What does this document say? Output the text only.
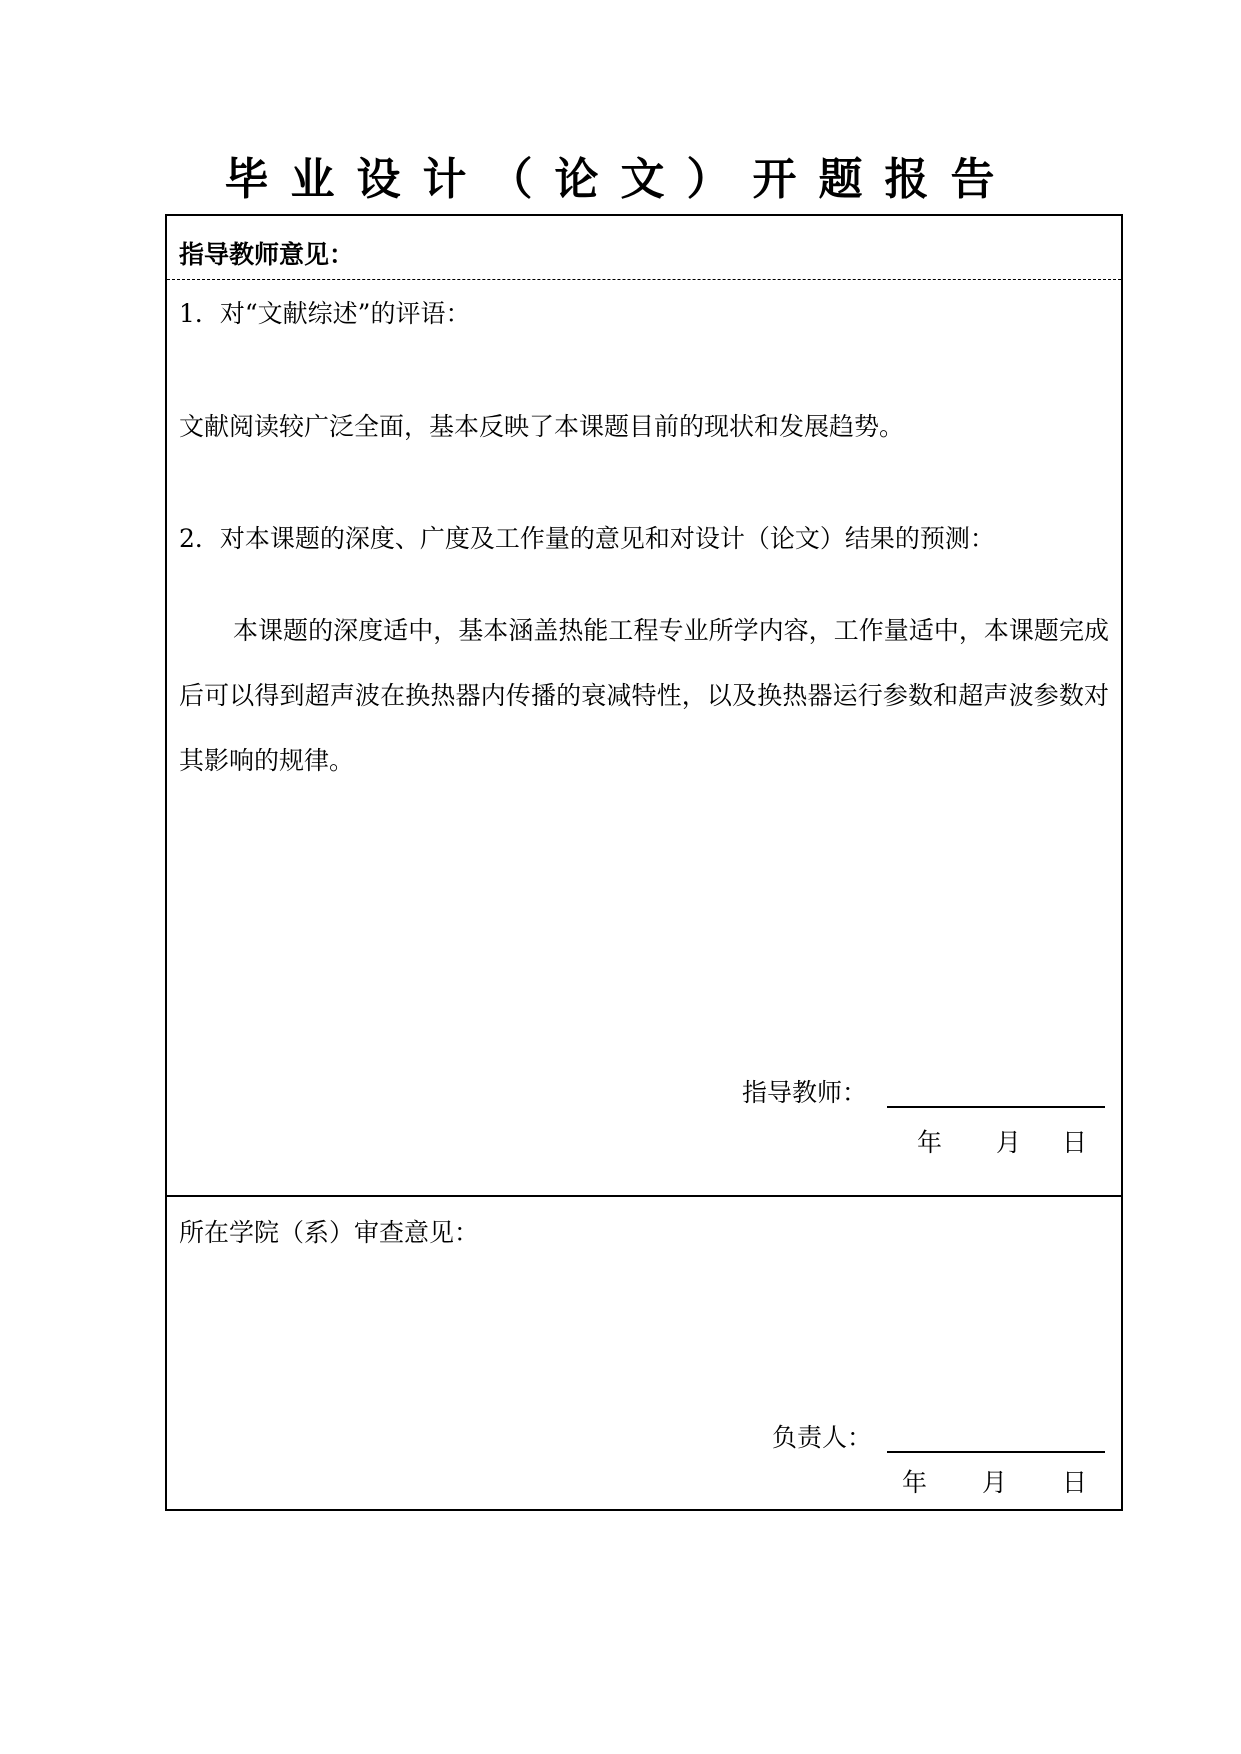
毕业设计（论文）开题报告
指导教师意见：
1．对“文献综述”的评语：
文献阅读较广泛全面，基本反映了本课题目前的现状和发展趋势。
2．对本课题的深度、广度及工作量的意见和对设计（论文）结果的预测：
本课题的深度适中，基本涵盖热能工程专业所学内容，工作量适中，本课题完成后可以得到超声波在换热器内传播的衰减特性，以及换热器运行参数和超声波参数对其影响的规律。
指导教师：
年 月 日
所在学院（系）审查意见：
负责人：
年 月 日
